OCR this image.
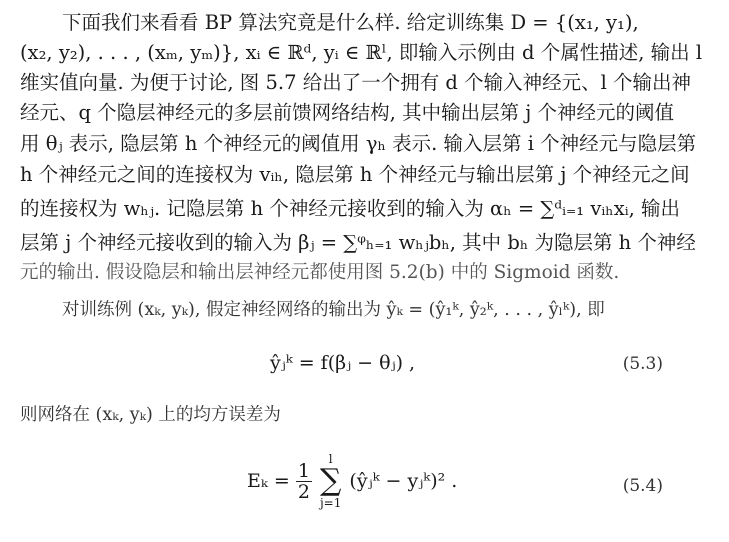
下面我们来看看 BP 算法究竟是什么样. 给定训练集 D = {(x₁, y₁),
(x₂, y₂), . . . , (xₘ, yₘ)}, xᵢ ∈ ℝᵈ, yᵢ ∈ ℝˡ, 即输入示例由 d 个属性描述, 输出 l
维实值向量. 为便于讨论, 图 5.7 给出了一个拥有 d 个输入神经元、l 个输出神
经元、q 个隐层神经元的多层前馈网络结构, 其中输出层第 j 个神经元的阈值
用 θⱼ 表示, 隐层第 h 个神经元的阈值用 γₕ 表示. 输入层第 i 个神经元与隐层第
h 个神经元之间的连接权为 vᵢₕ, 隐层第 h 个神经元与输出层第 j 个神经元之间
的连接权为 wₕⱼ. 记隐层第 h 个神经元接收到的输入为 αₕ = ∑ᵈᵢ₌₁ vᵢₕxᵢ, 输出
层第 j 个神经元接收到的输入为 βⱼ = ∑ᵠₕ₌₁ wₕⱼbₕ, 其中 bₕ 为隐层第 h 个神经
元的输出. 假设隐层和输出层神经元都使用图 5.2(b) 中的 Sigmoid 函数.
对训练例 (xₖ, yₖ), 假定神经网络的输出为 ŷₖ = (ŷ₁ᵏ, ŷ₂ᵏ, . . . , ŷₗᵏ), 即
ŷⱼᵏ = f(βⱼ − θⱼ) ,	(5.3)
则网络在 (xₖ, yₖ) 上的均方误差为
$E_k = \frac{1}{2}$

l
∑
j=1
(ŷⱼᵏ − yⱼᵏ)² .	(5.4)
